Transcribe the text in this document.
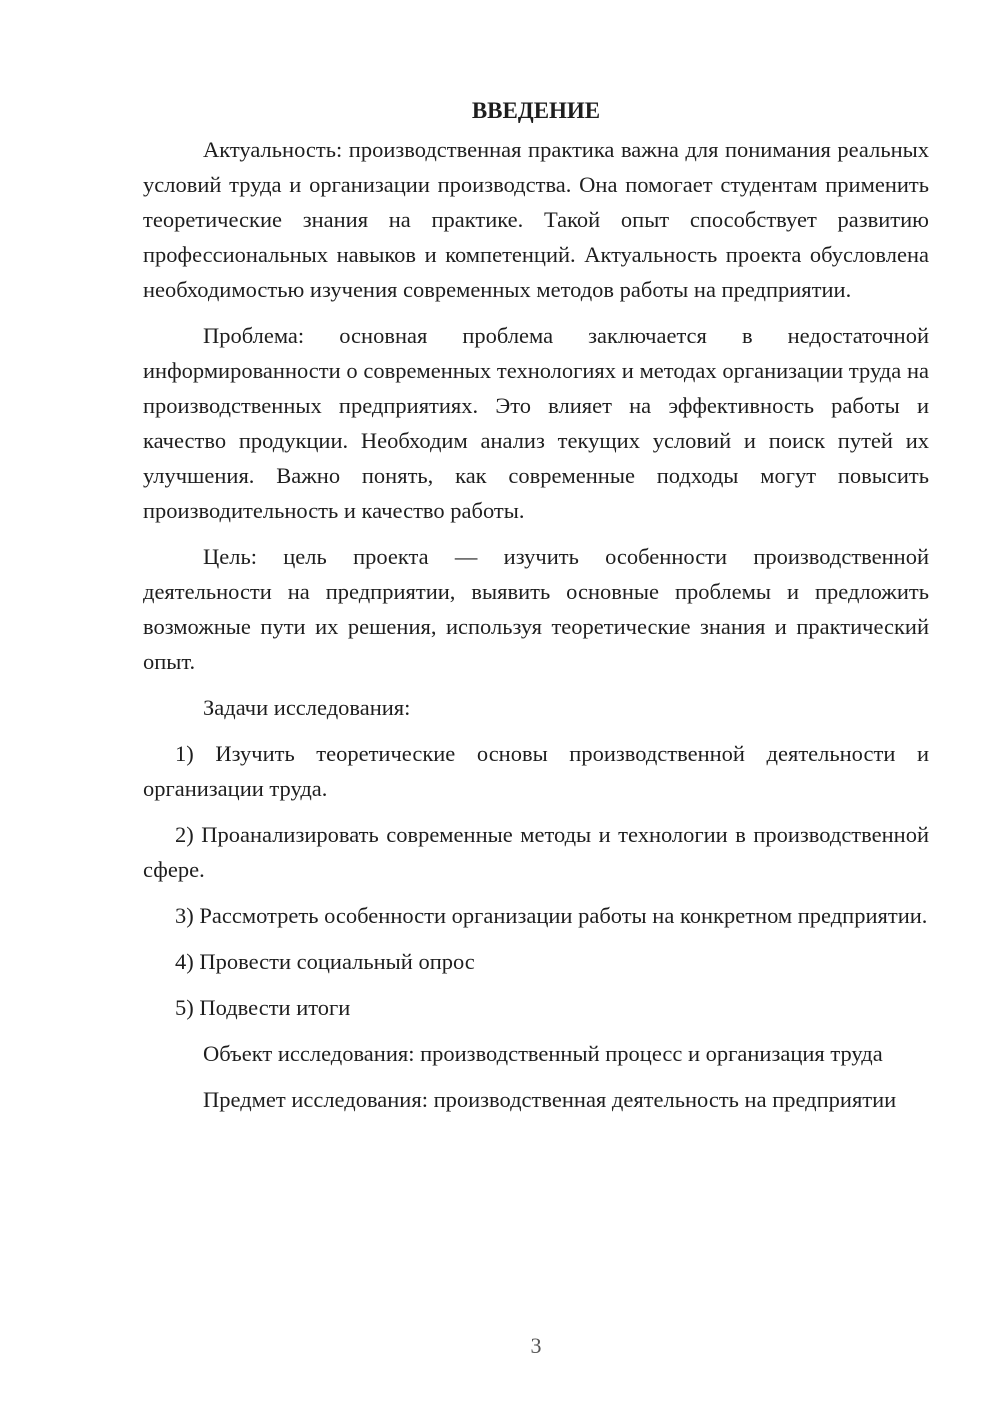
ВВЕДЕНИЕ

Актуальность: производственная практика важна для понимания реальных условий труда и организации производства. Она помогает студентам применить теоретические знания на практике. Такой опыт способствует развитию профессиональных навыков и компетенций. Актуальность проекта обусловлена необходимостью изучения современных методов работы на предприятии.

Проблема: основная проблема заключается в недостаточной информированности о современных технологиях и методах организации труда на производственных предприятиях. Это влияет на эффективность работы и качество продукции. Необходим анализ текущих условий и поиск путей их улучшения. Важно понять, как современные подходы могут повысить производительность и качество работы.

Цель: цель проекта — изучить особенности производственной деятельности на предприятии, выявить основные проблемы и предложить возможные пути их решения, используя теоретические знания и практический опыт.

Задачи исследования:

1) Изучить теоретические основы производственной деятельности и организации труда.

2) Проанализировать современные методы и технологии в производственной сфере.

3) Рассмотреть особенности организации работы на конкретном предприятии.

4) Провести социальный опрос

5) Подвести итоги

Объект исследования: производственный процесс и организация труда

Предмет исследования: производственная деятельность на предприятии

3
